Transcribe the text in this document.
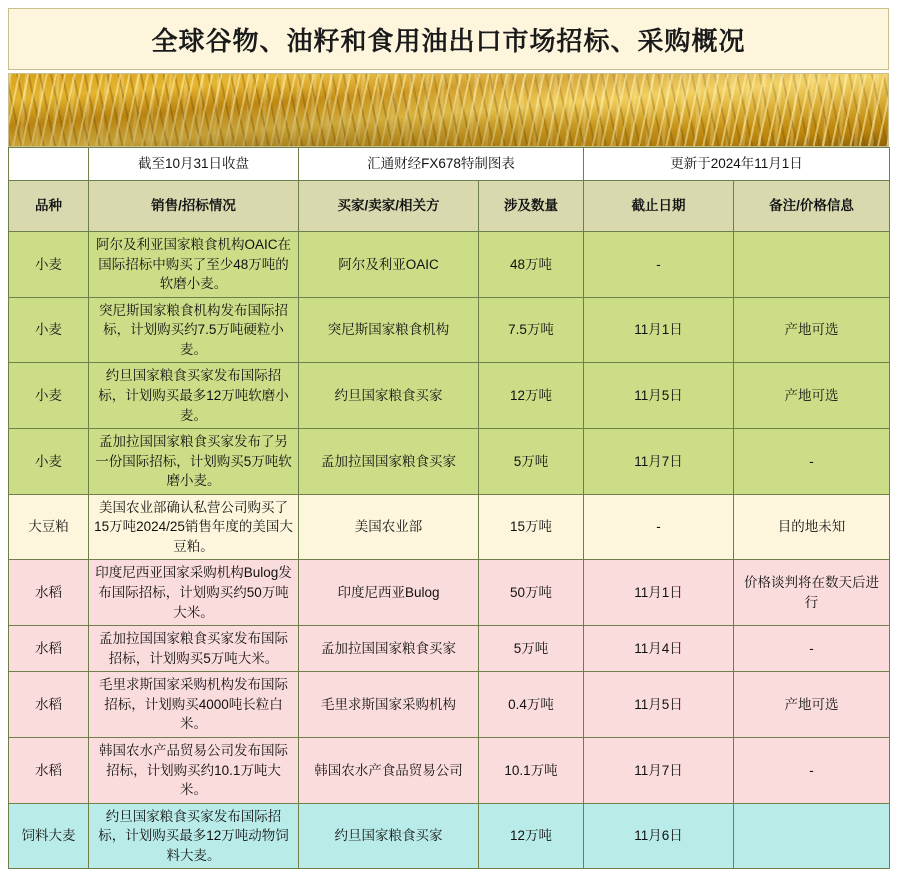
全球谷物、油籽和食用油出口市场招标、采购概况
	截至10月31日收盘	汇通财经FX678特制图表		更新于2024年11月1日	
品种	销售/招标情况	买家/卖家/相关方	涉及数量	截止日期	备注/价格信息
小麦	阿尔及利亚国家粮食机构OAIC在国际招标中购买了至少48万吨的软磨小麦。	阿尔及利亚OAIC	48万吨	-	
小麦	突尼斯国家粮食机构发布国际招标，计划购买约7.5万吨硬粒小麦。	突尼斯国家粮食机构	7.5万吨	11月1日	产地可选
小麦	约旦国家粮食买家发布国际招标，计划购买最多12万吨软磨小麦。	约旦国家粮食买家	12万吨	11月5日	产地可选
小麦	孟加拉国国家粮食买家发布了另一份国际招标，计划购买5万吨软磨小麦。	孟加拉国国家粮食买家	5万吨	11月7日	-
大豆粕	美国农业部确认私营公司购买了15万吨2024/25销售年度的美国大豆粕。	美国农业部	15万吨	-	目的地未知
水稻	印度尼西亚国家采购机构Bulog发布国际招标，计划购买约50万吨大米。	印度尼西亚Bulog	50万吨	11月1日	价格谈判将在数天后进行
水稻	孟加拉国国家粮食买家发布国际招标，计划购买5万吨大米。	孟加拉国国家粮食买家	5万吨	11月4日	-
水稻	毛里求斯国家采购机构发布国际招标，计划购买4000吨长粒白米。	毛里求斯国家采购机构	0.4万吨	11月5日	产地可选
水稻	韩国农水产品贸易公司发布国际招标，计划购买约10.1万吨大米。	韩国农水产食品贸易公司	10.1万吨	11月7日	-
饲料大麦	约旦国家粮食买家发布国际招标，计划购买最多12万吨动物饲料大麦。	约旦国家粮食买家	12万吨	11月6日	
